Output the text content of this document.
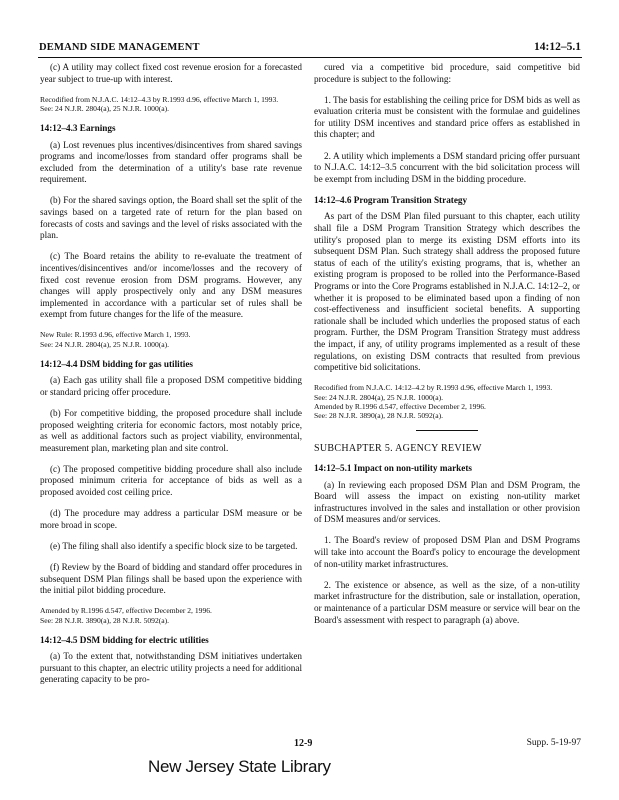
DEMAND SIDE MANAGEMENT	14:12–5.1

(c) A utility may collect fixed cost revenue erosion for a forecasted year subject to true-up with interest.

Recodified from N.J.A.C. 14:12–4.3 by R.1993 d.96, effective March 1, 1993.
See: 24 N.J.R. 2804(a), 25 N.J.R. 1000(a).
14:12–4.3 Earnings

(a) Lost revenues plus incentives/disincentives from shared savings programs and income/losses from standard offer programs shall be excluded from the determination of a utility's base rate revenue requirement.

(b) For the shared savings option, the Board shall set the split of the savings based on a targeted rate of return for the plan based on forecasts of costs and savings and the level of risks associated with the plan.

(c) The Board retains the ability to re-evaluate the treatment of incentives/disincentives and/or income/losses and the recovery of fixed cost revenue erosion from DSM programs. However, any changes will apply prospectively only and any DSM measures implemented in accordance with a particular set of rules shall be exempt from future changes for the life of the measure.

New Rule: R.1993 d.96, effective March 1, 1993.
See: 24 N.J.R. 2804(a), 25 N.J.R. 1000(a).
14:12–4.4 DSM bidding for gas utilities

(a) Each gas utility shall file a proposed DSM competitive bidding or standard pricing offer procedure.

(b) For competitive bidding, the proposed procedure shall include proposed weighting criteria for economic factors, most notably price, as well as additional factors such as project viability, environmental, measurement plan, marketing plan and site control.

(c) The proposed competitive bidding procedure shall also include proposed minimum criteria for acceptance of bids as well as a proposed avoided cost ceiling price.

(d) The procedure may address a particular DSM measure or be more broad in scope.

(e) The filing shall also identify a specific block size to be targeted.

(f) Review by the Board of bidding and standard offer procedures in subsequent DSM Plan filings shall be based upon the experience with the initial pilot bidding procedure.

Amended by R.1996 d.547, effective December 2, 1996.
See: 28 N.J.R. 3890(a), 28 N.J.R. 5092(a).
14:12–4.5 DSM bidding for electric utilities

(a) To the extent that, notwithstanding DSM initiatives undertaken pursuant to this chapter, an electric utility projects a need for additional generating capacity to be pro-

cured via a competitive bid procedure, said competitive bid procedure is subject to the following:

1. The basis for establishing the ceiling price for DSM bids as well as evaluation criteria must be consistent with the formulae and guidelines for utility DSM incentives and standard price offers as established in this chapter; and

2. A utility which implements a DSM standard pricing offer pursuant to N.J.A.C. 14:12–3.5 concurrent with the bid solicitation process will be exempt from including DSM in the bidding procedure.

14:12–4.6 Program Transition Strategy

As part of the DSM Plan filed pursuant to this chapter, each utility shall file a DSM Program Transition Strategy which describes the utility's proposed plan to merge its existing DSM efforts into its subsequent DSM Plan. Such strategy shall address the proposed future status of each of the utility's existing programs, that is, whether an existing program is proposed to be rolled into the Performance-Based Programs or into the Core Programs established in N.J.A.C. 14:12–2, or whether it is proposed to be eliminated based upon a finding of non cost-effectiveness and insufficient societal benefits. A supporting rationale shall be included which underlies the proposed status of each program. Further, the DSM Program Transition Strategy must address the impact, if any, of utility programs implemented as a result of these regulations, on existing DSM contracts that resulted from previous competitive bid solicitations.

Recodified from N.J.A.C. 14:12–4.2 by R.1993 d.96, effective March 1, 1993.
See: 24 N.J.R. 2804(a), 25 N.J.R. 1000(a).
Amended by R.1996 d.547, effective December 2, 1996.
See: 28 N.J.R. 3890(a), 28 N.J.R. 5092(a).
SUBCHAPTER 5. AGENCY REVIEW
14:12–5.1 Impact on non-utility markets

(a) In reviewing each proposed DSM Plan and DSM Program, the Board will assess the impact on existing non-utility market infrastructures involved in the sales and installation or other provision of DSM measures and/or services.

1. The Board's review of proposed DSM Plan and DSM Programs will take into account the Board's policy to encourage the development of non-utility market infrastructures.

2. The existence or absence, as well as the size, of a non-utility market infrastructure for the distribution, sale or installation, operation, or maintenance of a particular DSM measure or service will bear on the Board's assessment with respect to paragraph (a) above.

12-9	Supp. 5-19-97
New Jersey State Library
